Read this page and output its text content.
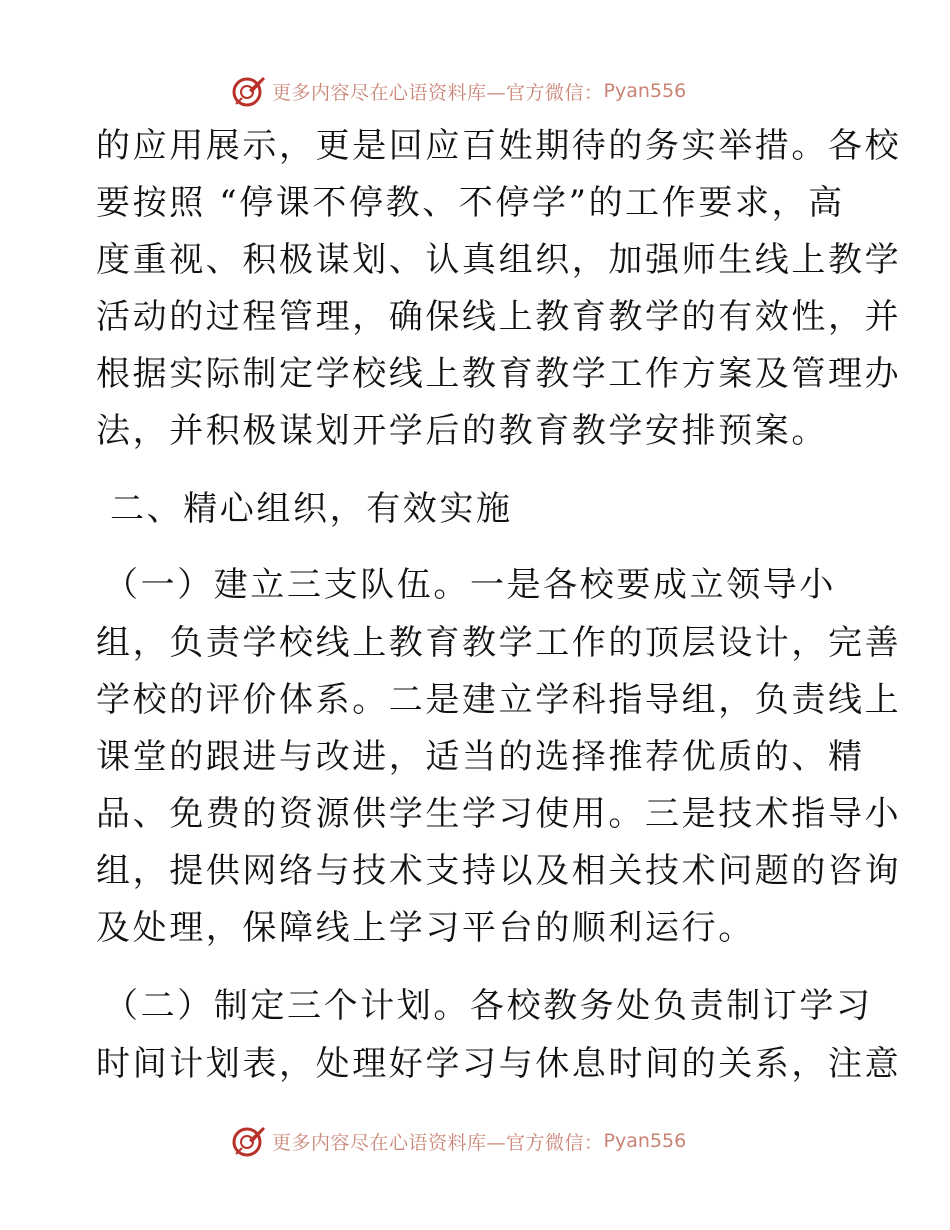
更多内容尽在心语资料库—官方微信： Pyan556
的应用展示，更是回应百姓期待的务实举措。各校
要按照 “停课不停教、不停学”的工作要求，高
度重视、积极谋划、认真组织，加强师生线上教学
活动的过程管理，确保线上教育教学的有效性，并
根据实际制定学校线上教育教学工作方案及管理办
法，并积极谋划开学后的教育教学安排预案。
二、精心组织，有效实施
（一）建立三支队伍。一是各校要成立领导小
组，负责学校线上教育教学工作的顶层设计，完善
学校的评价体系。二是建立学科指导组，负责线上
课堂的跟进与改进，适当的选择推荐优质的、精
品、免费的资源供学生学习使用。三是技术指导小
组，提供网络与技术支持以及相关技术问题的咨询
及处理，保障线上学习平台的顺利运行。
（二）制定三个计划。各校教务处负责制订学习
时间计划表，处理好学习与休息时间的关系，注意
更多内容尽在心语资料库—官方微信： Pyan556
